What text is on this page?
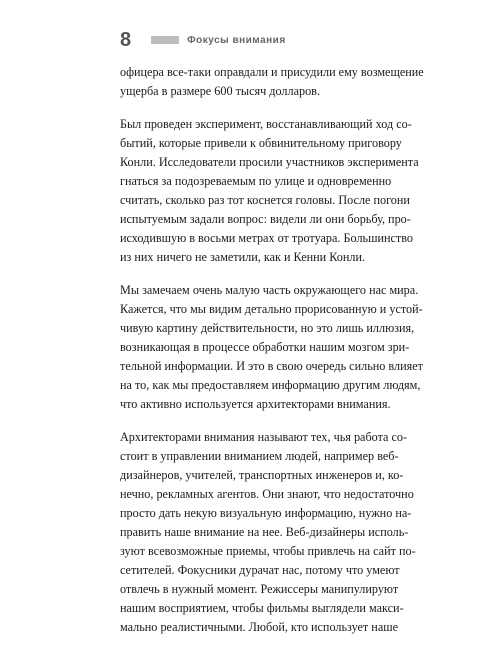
8	Фокусы внимания

офицера все-таки оправдали и присудили ему возмещение
ущерба в размере 600 тысяч долларов.

Был проведен эксперимент, восстанавливающий ход со-
бытий, которые привели к обвинительному приговору
Конли. Исследователи просили участников эксперимента
гнаться за подозреваемым по улице и одновременно
считать, сколько раз тот коснется головы. После погони
испытуемым задали вопрос: видели ли они борьбу, про-
исходившую в восьми метрах от тротуара. Большинство
из них ничего не заметили, как и Кенни Конли.

Мы замечаем очень малую часть окружающего нас мира.
Кажется, что мы видим детально прорисованную и устой-
чивую картину действительности, но это лишь иллюзия,
возникающая в процессе обработки нашим мозгом зри-
тельной информации. И это в свою очередь сильно влияет
на то, как мы предоставляем информацию другим людям,
что активно используется архитекторами внимания.

Архитекторами внимания называют тех, чья работа со-
стоит в управлении вниманием людей, например веб-
дизайнеров, учителей, транспортных инженеров и, ко-
нечно, рекламных агентов. Они знают, что недостаточно
просто дать некую визуальную информацию, нужно на-
править наше внимание на нее. Веб-дизайнеры исполь-
зуют всевозможные приемы, чтобы привлечь на сайт по-
сетителей. Фокусники дурачат нас, потому что умеют
отвлечь в нужный момент. Режиссеры манипулируют
нашим восприятием, чтобы фильмы выглядели макси-
мально реалистичными. Любой, кто использует наше
